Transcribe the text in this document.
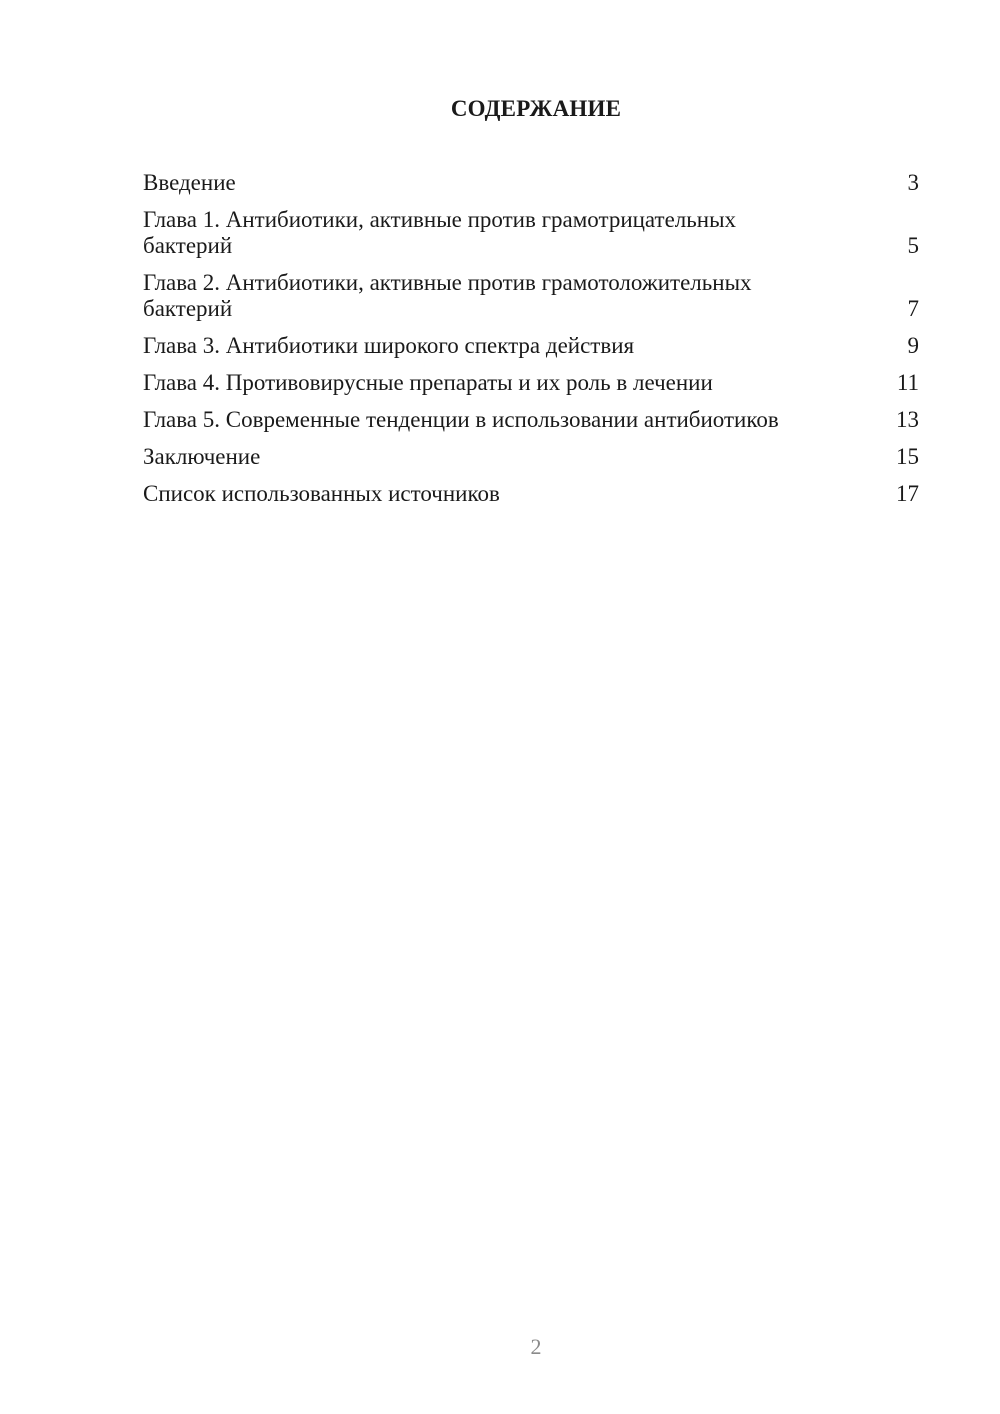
СОДЕРЖАНИЕ
Введение	3
Глава 1. Антибиотики, активные против грамотрицательных бактерий	5
Глава 2. Антибиотики, активные против грамотоложительных бактерий	7
Глава 3. Антибиотики широкого спектра действия	9
Глава 4. Противовирусные препараты и их роль в лечении	11
Глава 5. Современные тенденции в использовании антибиотиков	13
Заключение	15
Список использованных источников	17
2
